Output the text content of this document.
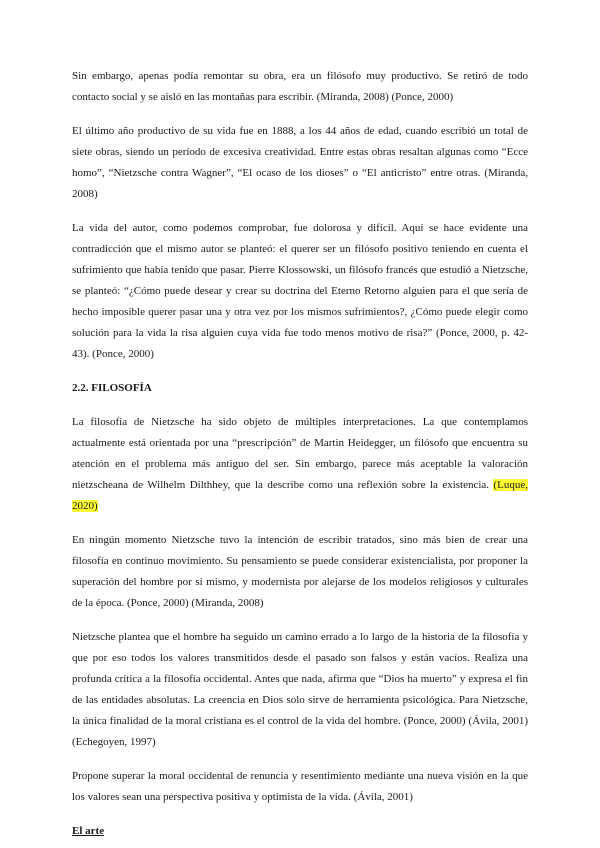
Sin embargo, apenas podía remontar su obra, era un filósofo muy productivo. Se retiró de todo contacto social y se aisló en las montañas para escribir. (Miranda, 2008) (Ponce, 2000)

El último año productivo de su vida fue en 1888, a los 44 años de edad, cuando escribió un total de siete obras, siendo un período de excesiva creatividad. Entre estas obras resaltan algunas como “Ecce homo”, “Nietzsche contra Wagner”, “El ocaso de los dioses” o “El anticristo” entre otras. (Miranda, 2008)

La vida del autor, como podemos comprobar, fue dolorosa y difícil. Aquí se hace evidente una contradicción que el mismo autor se planteó: el querer ser un filósofo positivo teniendo en cuenta el sufrimiento que había tenido que pasar. Pierre Klossowski, un filósofo francés que estudió a Nietzsche, se planteó: “¿Cómo puede desear y crear su doctrina del Eterno Retorno alguien para el que sería de hecho imposible querer pasar una y otra vez por los mismos sufrimientos?, ¿Cómo puede elegir como solución para la vida la risa alguien cuya vida fue todo menos motivo de risa?” (Ponce, 2000, p. 42-43). (Ponce, 2000)

2.2. FILOSOFÍA

La filosofía de Nietzsche ha sido objeto de múltiples interpretaciones. La que contemplamos actualmente está orientada por una “prescripción” de Martin Heidegger, un filósofo que encuentra su atención en el problema más antiguo del ser. Sin embargo, parece más aceptable la valoración nietzscheana de Wilhelm Dilthhey, que la describe como una reflexión sobre la existencia. (Luque, 2020)

En ningún momento Nietzsche tuvo la intención de escribir tratados, sino más bien de crear una filosofía en continuo movimiento. Su pensamiento se puede considerar existencialista, por proponer la superación del hombre por sí mismo, y modernista por alejarse de los modelos religiosos y culturales de la época. (Ponce, 2000) (Miranda, 2008)

Nietzsche plantea que el hombre ha seguido un camino errado a lo largo de la historia de la filosofía y que por eso todos los valores transmitidos desde el pasado son falsos y están vacíos. Realiza una profunda crítica a la filosofía occidental. Antes que nada, afirma que “Dios ha muerto” y expresa el fin de las entidades absolutas. La creencia en Dios solo sirve de herramienta psicológica. Para Nietzsche, la única finalidad de la moral cristiana es el control de la vida del hombre. (Ponce, 2000) (Ávila, 2001) (Echegoyen, 1997)

Propone superar la moral occidental de renuncia y resentimiento mediante una nueva visión en la que los valores sean una perspectiva positiva y optimista de la vida. (Ávila, 2001)

El arte
